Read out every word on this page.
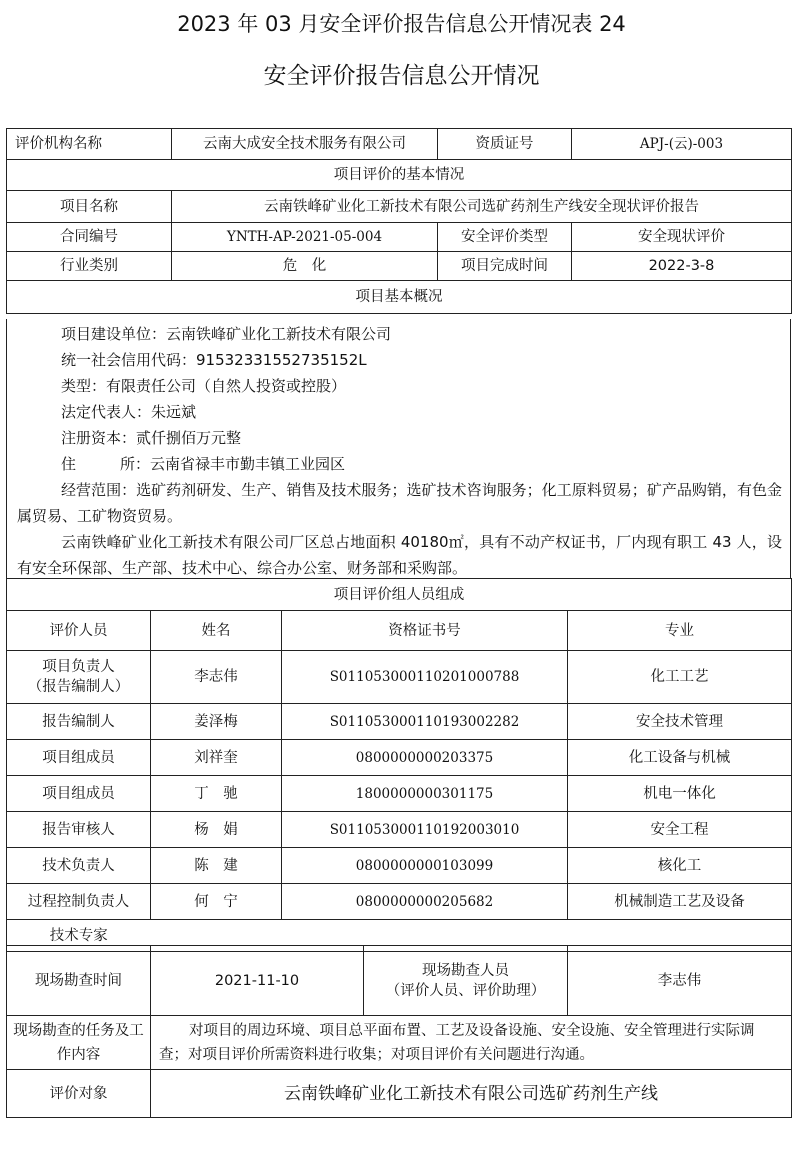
2023 年 03 月安全评价报告信息公开情况表 24
安全评价报告信息公开情况
评价机构名称	云南大成安全技术服务有限公司	资质证号	APJ-(云)-003
项目评价的基本情况			
项目名称	云南铁峰矿业化工新技术有限公司选矿药剂生产线安全现状评价报告		
合同编号	YNTH-AP-2021-05-004	安全评价类型	安全现状评价
行业类别	危　化	项目完成时间	2022-3-8
项目基本概况			

项目建设单位：云南铁峰矿业化工新技术有限公司

统一社会信用代码：91532331552735152L

类型：有限责任公司（自然人投资或控股）

法定代表人：朱远斌

注册资本：贰仟捌佰万元整

住	所：云南省禄丰市勤丰镇工业园区

经营范围：选矿药剂研发、生产、销售及技术服务；选矿技术咨询服务；化工原料贸易；矿产品购销，有色金属贸易、工矿物资贸易。

云南铁峰矿业化工新技术有限公司厂区总占地面积 40180㎡，具有不动产权证书，厂内现有职工 43 人，设有安全环保部、生产部、技术中心、综合办公室、财务部和采购部。

项目评价组人员组成			
评价人员	姓名	资格证书号	专业

项目负责人
（报告编制人）	李志伟	S011053000110201000788	化工工艺
报告编制人	姜泽梅	S011053000110193002282	安全技术管理
项目组成员	刘祥奎	0800000000203375	化工设备与机械
项目组成员	丁　驰	1800000000301175	机电一体化
报告审核人	杨　娟	S011053000110192003010	安全工程
技术负责人	陈　建	0800000000103099	核化工
过程控制负责人	何　宁	0800000000205682	机械制造工艺及设备
技术专家			
现场勘查时间	2021-11-10	现场勘查人员
（评价人员、评价助理）	李志伟
现场勘查的任务及工作内容	对项目的周边环境、项目总平面布置、工艺及设备设施、安全设施、安全管理进行实际调查；对项目评价所需资料进行收集；对项目评价有关问题进行沟通。		
评价对象	云南铁峰矿业化工新技术有限公司选矿药剂生产线		
